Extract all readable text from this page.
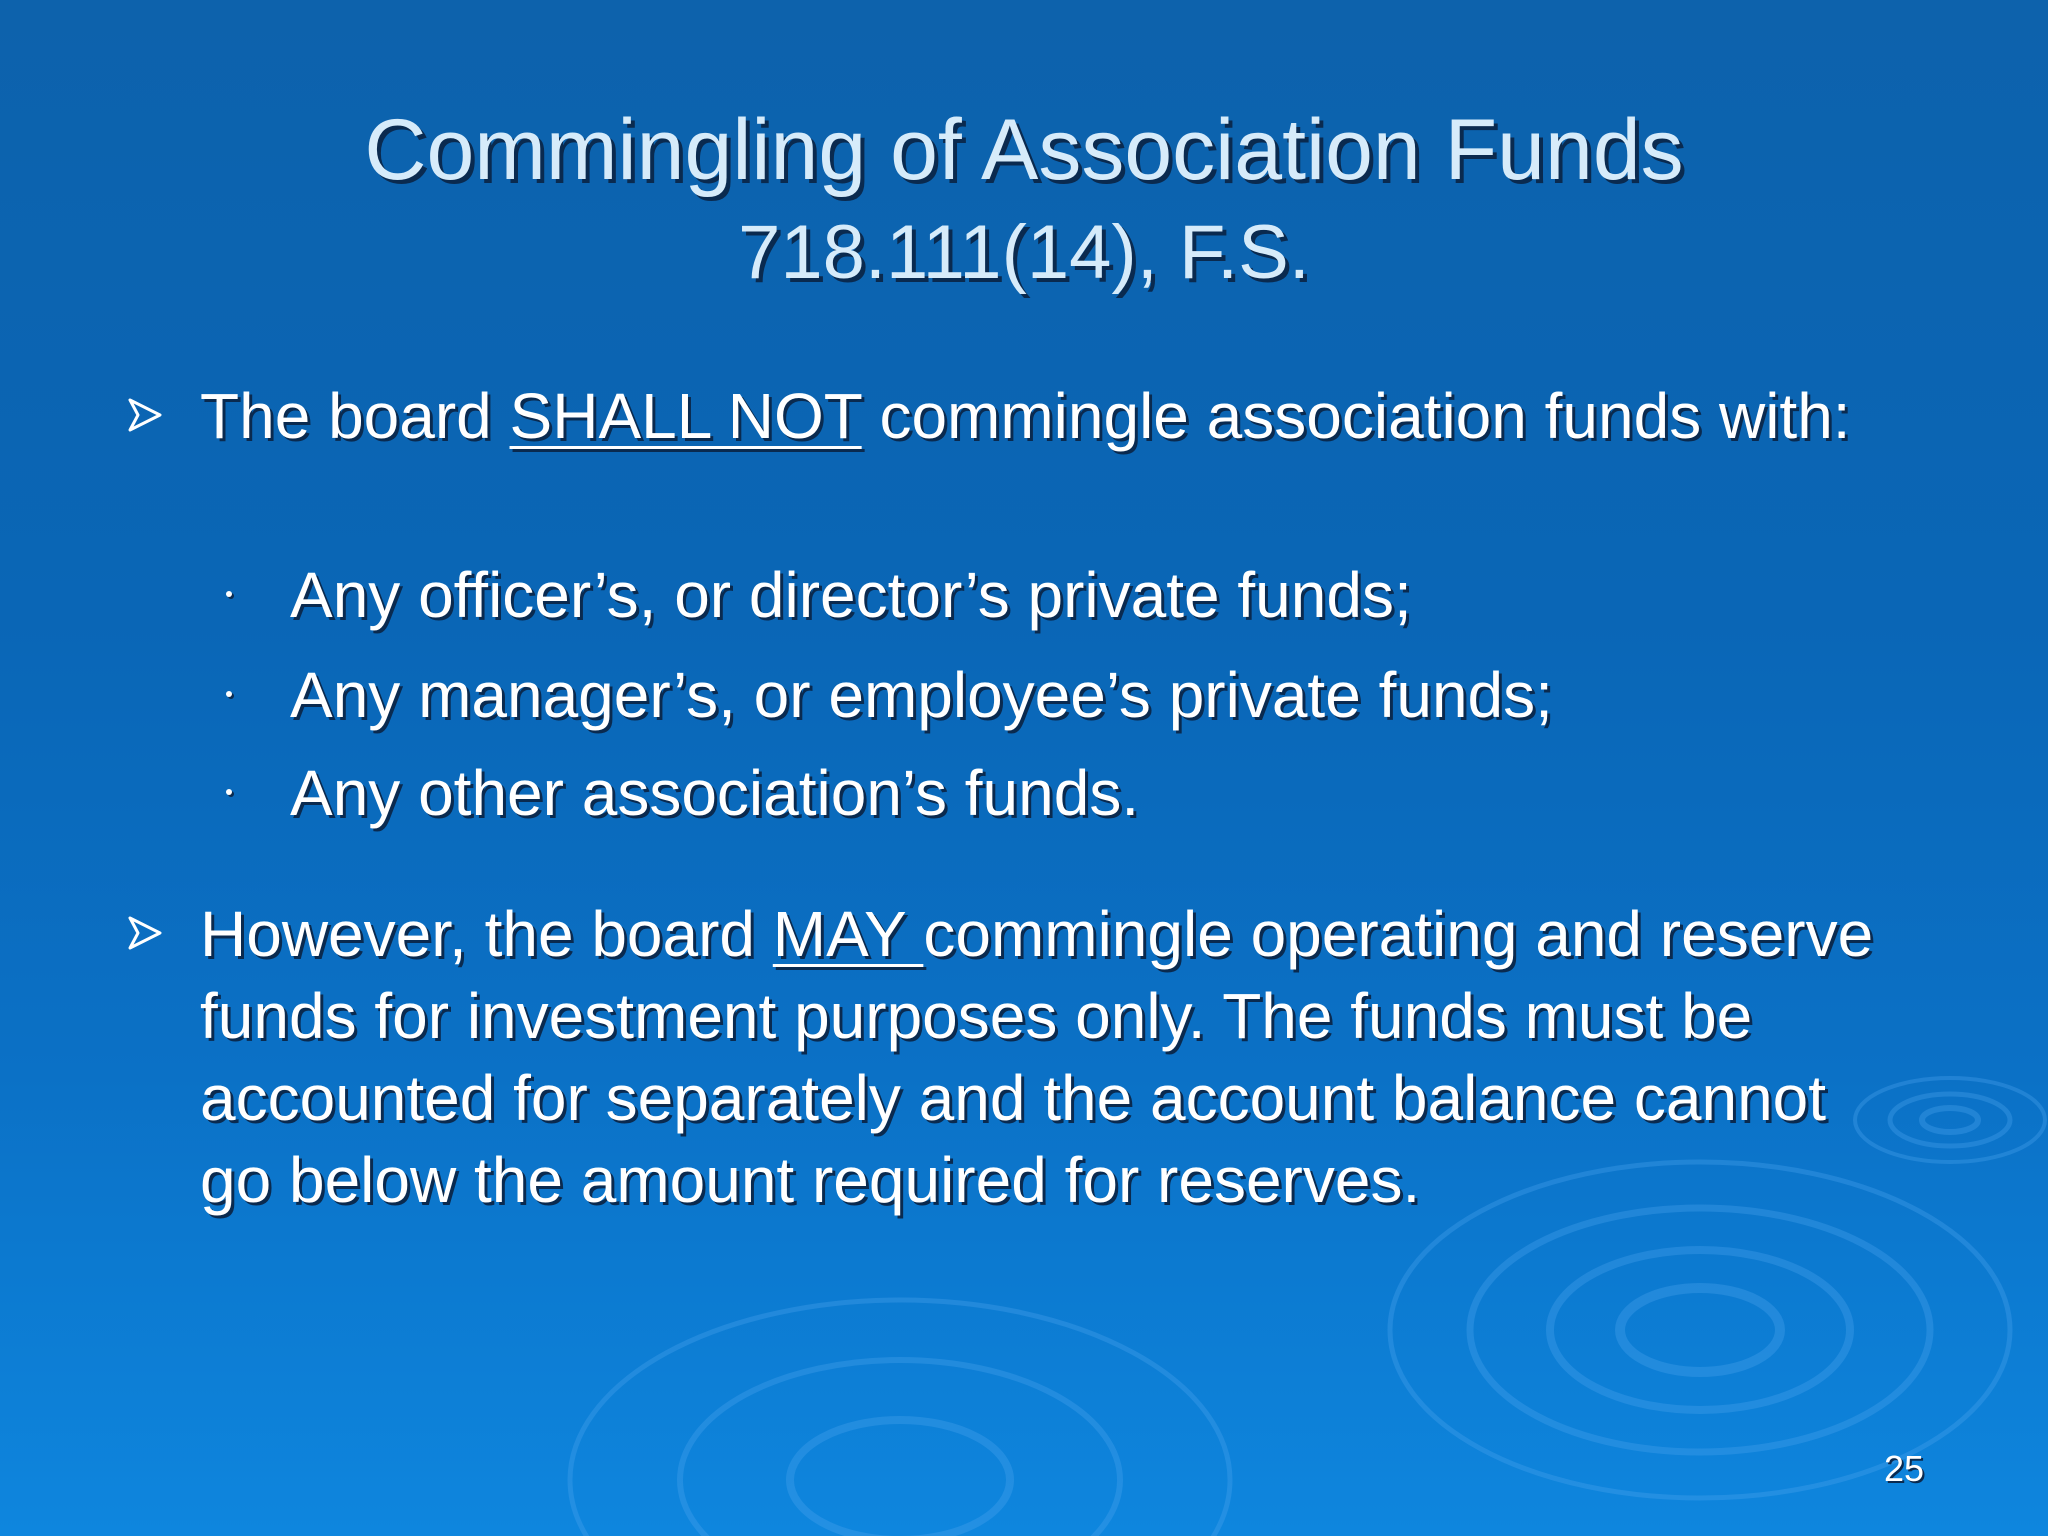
Commingling of Association Funds
718.111(14), F.S.
The board SHALL NOT commingle association funds with:
Any officer’s, or director’s private funds;
Any manager’s, or employee’s private funds;
Any other association’s funds.
However, the board MAY commingle operating and reserve funds for investment purposes only. The funds must be accounted for separately and the account balance cannot go below the amount required for reserves.
25
